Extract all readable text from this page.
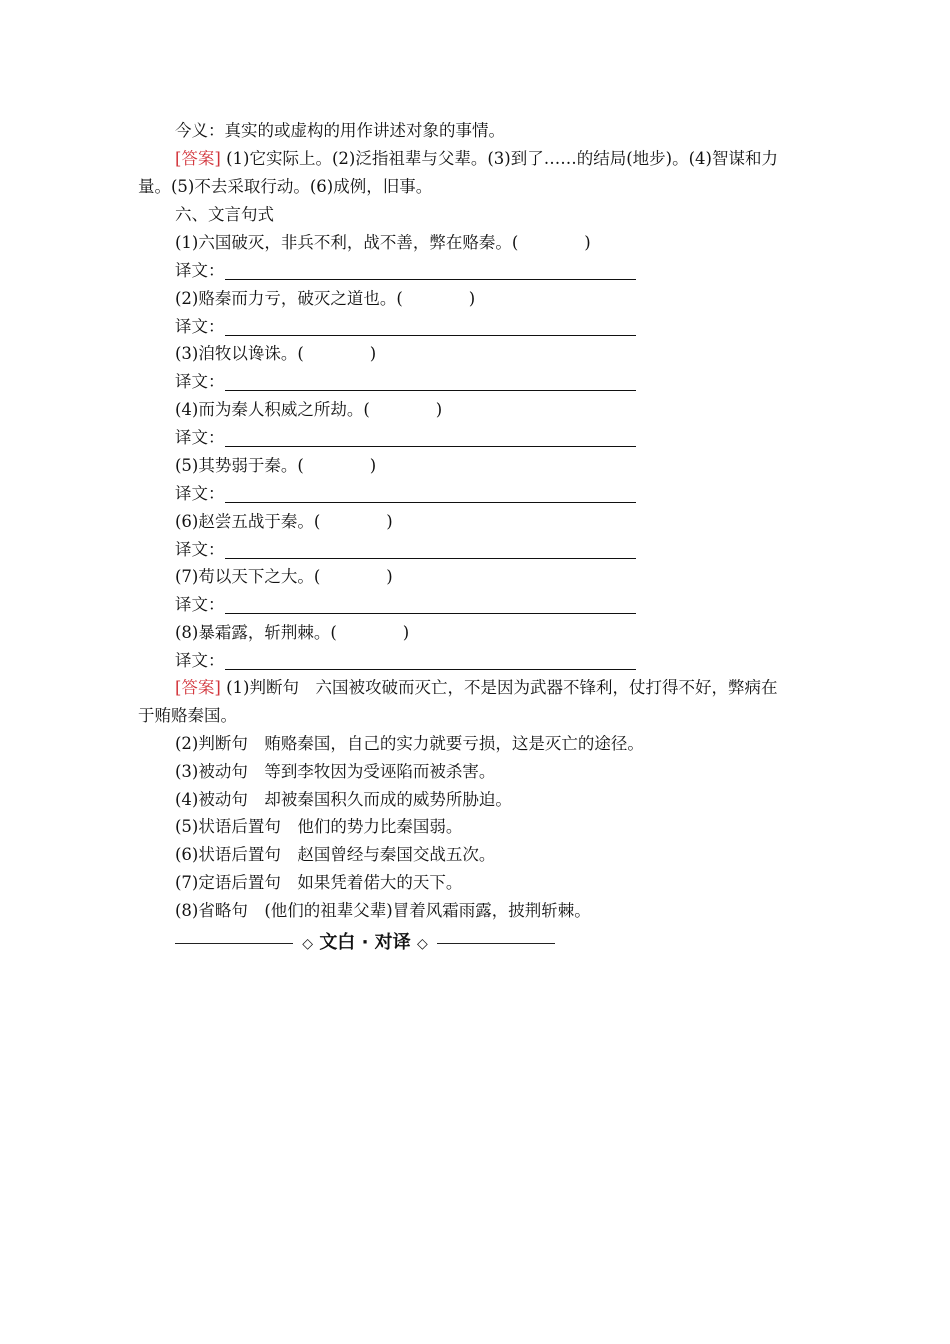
今义：真实的或虚构的用作讲述对象的事情。
[答案] (1)它实际上。(2)泛指祖辈与父辈。(3)到了……的结局(地步)。(4)智谋和力
量。(5)不去采取行动。(6)成例，旧事。
六、文言句式
(1)六国破灭，非兵不利，战不善，弊在赂秦。(　　　　)
译文：
(2)赂秦而力亏，破灭之道也。(　　　　)
译文：
(3)洎牧以谗诛。(　　　　)
译文：
(4)而为秦人积威之所劫。(　　　　)
译文：
(5)其势弱于秦。(　　　　)
译文：
(6)赵尝五战于秦。(　　　　)
译文：
(7)苟以天下之大。(　　　　)
译文：
(8)暴霜露，斩荆棘。(　　　　)
译文：
[答案] (1)判断句　六国被攻破而灭亡，不是因为武器不锋利，仗打得不好，弊病在
于贿赂秦国。
(2)判断句　贿赂秦国，自己的实力就要亏损，这是灭亡的途径。
(3)被动句　等到李牧因为受诬陷而被杀害。
(4)被动句　却被秦国积久而成的威势所胁迫。
(5)状语后置句　他们的势力比秦国弱。
(6)状语后置句　赵国曾经与秦国交战五次。
(7)定语后置句　如果凭着偌大的天下。
(8)省略句　(他们的祖辈父辈)冒着风霜雨露，披荆斩棘。
◇ 文白 · 对译 ◇
